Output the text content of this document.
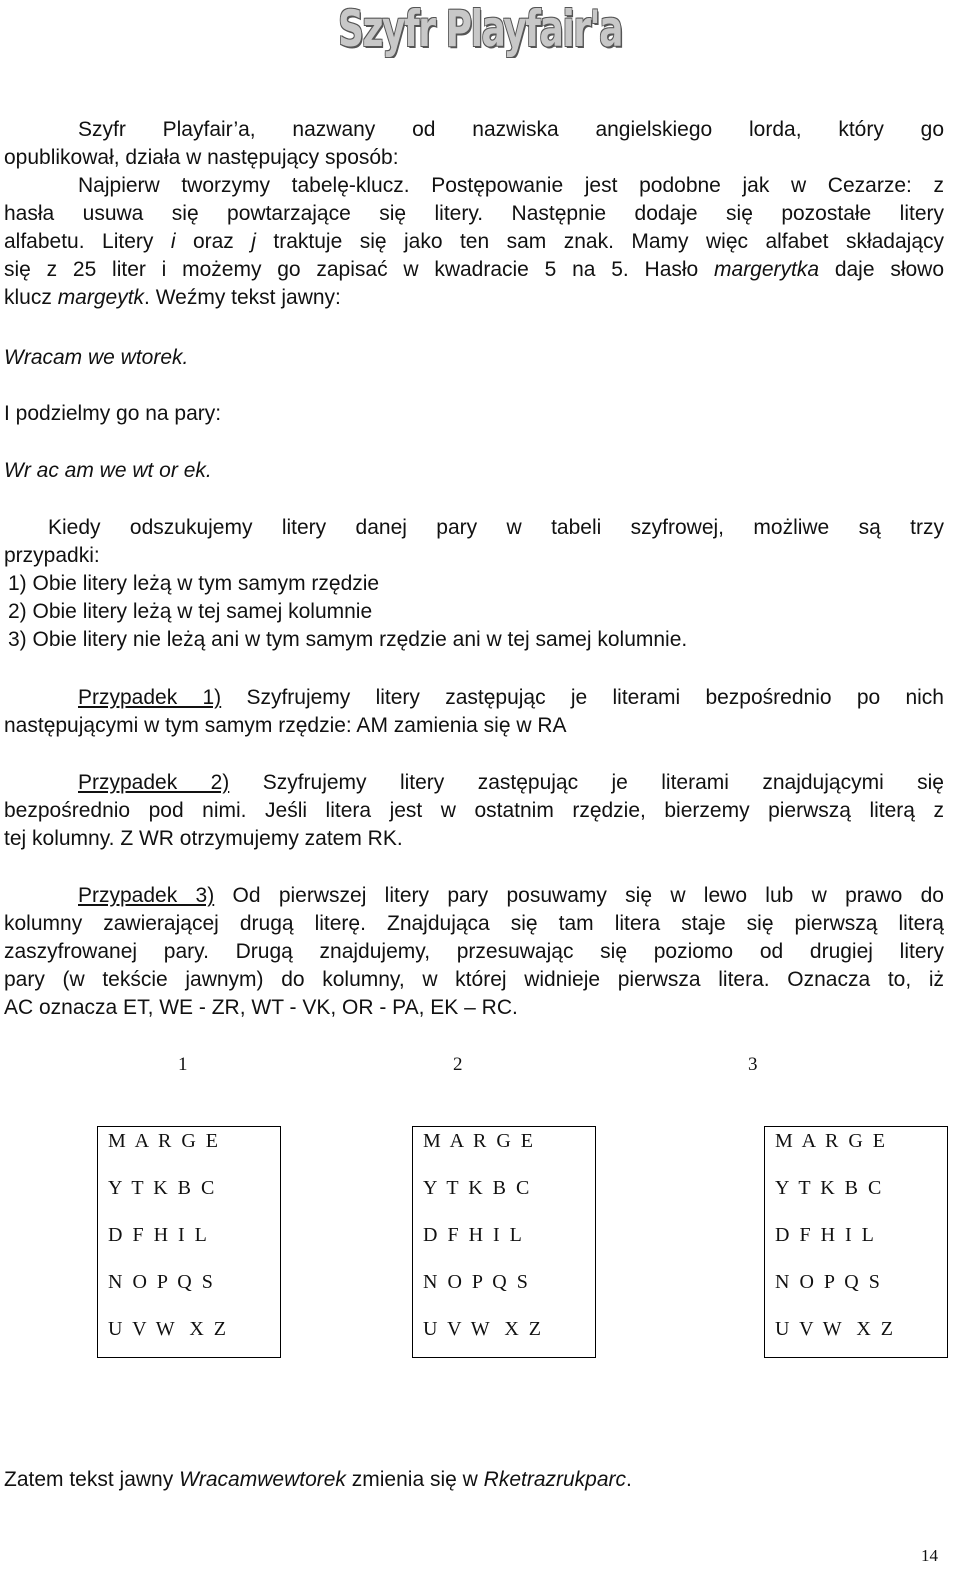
Szyfr Playfair'a
Szyfr Playfair’a, nazwany od nazwiska angielskiego lorda, który go
opublikował, działa w następujący sposób:
Najpierw tworzymy tabelę-klucz. Postępowanie jest podobne jak w Cezarze: z
hasła usuwa się powtarzające się litery. Następnie dodaje się pozostałe litery
alfabetu. Litery i oraz j traktuje się jako ten sam znak. Mamy więc alfabet składający
się z 25 liter i możemy go zapisać w kwadracie 5 na 5. Hasło margerytka daje słowo
klucz margeytk. Weźmy tekst jawny:
Wracam we wtorek.
I podzielmy go na pary:
Wr ac am we wt or ek.
Kiedy odszukujemy litery danej pary w tabeli szyfrowej, możliwe są trzy
przypadki:
1) Obie litery leżą w tym samym rzędzie
2) Obie litery leżą w tej samej kolumnie
3) Obie litery nie leżą ani w tym samym rzędzie ani w tej samej kolumnie.
Przypadek 1) Szyfrujemy litery zastępując je literami bezpośrednio po nich
następującymi w tym samym rzędzie: AM zamienia się w RA
Przypadek 2) Szyfrujemy litery zastępując je literami znajdującymi się
bezpośrednio pod nimi. Jeśli litera jest w ostatnim rzędzie, bierzemy pierwszą literą z
tej kolumny. Z WR otrzymujemy zatem RK.
Przypadek 3) Od pierwszej litery pary posuwamy się w lewo lub w prawo do
kolumny zawierającej drugą literę. Znajdująca się tam litera staje się pierwszą literą
zaszyfrowanej pary. Drugą znajdujemy, przesuwając się poziomo od drugiej litery
pary (w tekście jawnym) do kolumny, w której widnieje pierwsza litera. Oznacza to, iż
AC oznacza ET, WE - ZR, WT - VK, OR - PA, EK – RC.
1	2	3
M  A  R  G  E
Y  T  K  B  C
D  F  H  I  L
N  O  P  Q  S
U  V  W   X  Z
M  A  R  G  E
Y  T  K  B  C
D  F  H  I  L
N  O  P  Q  S
U  V  W   X  Z
M  A  R  G  E
Y  T  K  B  C
D  F  H  I  L
N  O  P  Q  S
U  V  W   X  Z
Zatem tekst jawny Wracamwewtorek zmienia się w Rketrazrukparc.
14
